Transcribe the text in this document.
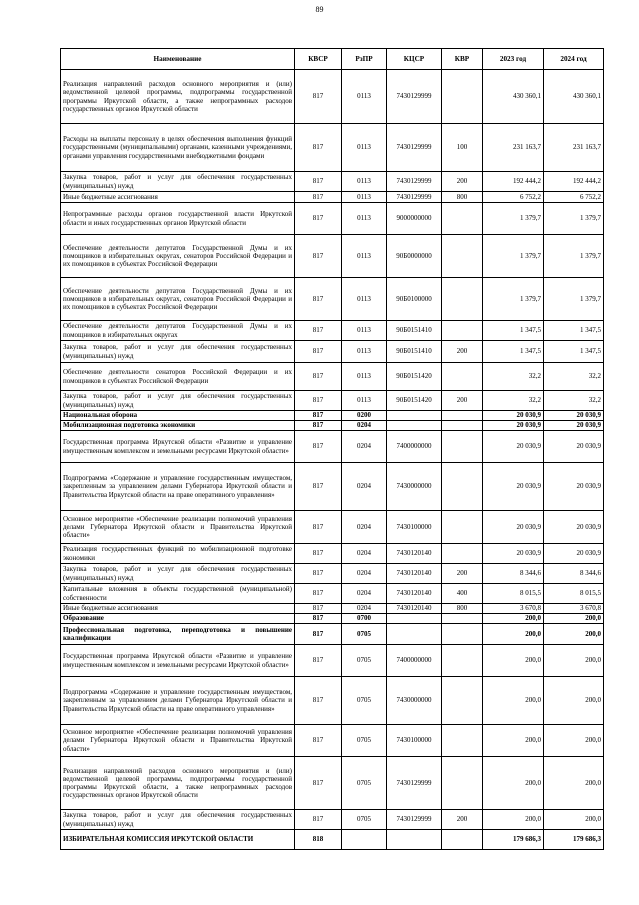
89
Наименование	КВСР	РзПР	КЦСР	КВР	2023 год	2024 год
Реализация направлений расходов основного мероприятия и (или) ведомственной целевой программы, подпрограммы государственной программы Иркутской области, а также непрограммных расходов государственных органов Иркутской области	817	0113	7430129999		430 360,1	430 360,1
Расходы на выплаты персоналу в целях обеспечения выполнения функций государственными (муниципальными) органами, казенными учреждениями, органами управления государственными внебюджетными фондами	817	0113	7430129999	100	231 163,7	231 163,7
Закупка товаров, работ и услуг для обеспечения государственных (муниципальных) нужд	817	0113	7430129999	200	192 444,2	192 444,2
Иные бюджетные ассигнования	817	0113	7430129999	800	6 752,2	6 752,2
Непрограммные расходы органов государственной власти Иркутской области и иных государственных органов Иркутской области	817	0113	9000000000		1 379,7	1 379,7
Обеспечение деятельности депутатов Государственной Думы и их помощников в избирательных округах, сенаторов Российской Федерации и их помощников в субъектах Российской Федерации	817	0113	90Б0000000		1 379,7	1 379,7
Обеспечение деятельности депутатов Государственной Думы и их помощников в избирательных округах, сенаторов Российской Федерации и их помощников в субъектах Российской Федерации	817	0113	90Б0100000		1 379,7	1 379,7
Обеспечение деятельности депутатов Государственной Думы и их помощников в избирательных округах	817	0113	90Б0151410		1 347,5	1 347,5
Закупка товаров, работ и услуг для обеспечения государственных (муниципальных) нужд	817	0113	90Б0151410	200	1 347,5	1 347,5
Обеспечение деятельности сенаторов Российской Федерации и их помощников в субъектах Российской Федерации	817	0113	90Б0151420		32,2	32,2
Закупка товаров, работ и услуг для обеспечения государственных (муниципальных) нужд	817	0113	90Б0151420	200	32,2	32,2
Национальная оборона	817	0200			20 030,9	20 030,9
Мобилизационная подготовка экономики	817	0204			20 030,9	20 030,9
Государственная программа Иркутской области «Развитие и управление имущественным комплексом и земельными ресурсами Иркутской области»	817	0204	7400000000		20 030,9	20 030,9
Подпрограмма «Содержание и управление государственным имуществом, закрепленным за управлением делами Губернатора Иркутской области и Правительства Иркутской области на праве оперативного управления»	817	0204	7430000000		20 030,9	20 030,9
Основное мероприятие «Обеспечение реализации полномочий управления делами Губернатора Иркутской области и Правительства Иркутской области»	817	0204	7430100000		20 030,9	20 030,9
Реализация государственных функций по мобилизационной подготовке экономики	817	0204	7430120140		20 030,9	20 030,9
Закупка товаров, работ и услуг для обеспечения государственных (муниципальных) нужд	817	0204	7430120140	200	8 344,6	8 344,6
Капитальные вложения в объекты государственной (муниципальной) собственности	817	0204	7430120140	400	8 015,5	8 015,5
Иные бюджетные ассигнования	817	0204	7430120140	800	3 670,8	3 670,8
Образование	817	0700			200,0	200,0
Профессиональная подготовка, переподготовка и повышение квалификации	817	0705			200,0	200,0
Государственная программа Иркутской области «Развитие и управление имущественным комплексом и земельными ресурсами Иркутской области»	817	0705	7400000000		200,0	200,0
Подпрограмма «Содержание и управление государственным имуществом, закрепленным за управлением делами Губернатора Иркутской области и Правительства Иркутской области на праве оперативного управления»	817	0705	7430000000		200,0	200,0
Основное мероприятие «Обеспечение реализации полномочий управления делами Губернатора Иркутской области и Правительства Иркутской области»	817	0705	7430100000		200,0	200,0
Реализация направлений расходов основного мероприятия и (или) ведомственной целевой программы, подпрограммы государственной программы Иркутской области, а также непрограммных расходов государственных органов Иркутской области	817	0705	7430129999		200,0	200,0
Закупка товаров, работ и услуг для обеспечения государственных (муниципальных) нужд	817	0705	7430129999	200	200,0	200,0
ИЗБИРАТЕЛЬНАЯ КОМИССИЯ ИРКУТСКОЙ ОБЛАСТИ	818				179 686,3	179 686,3
